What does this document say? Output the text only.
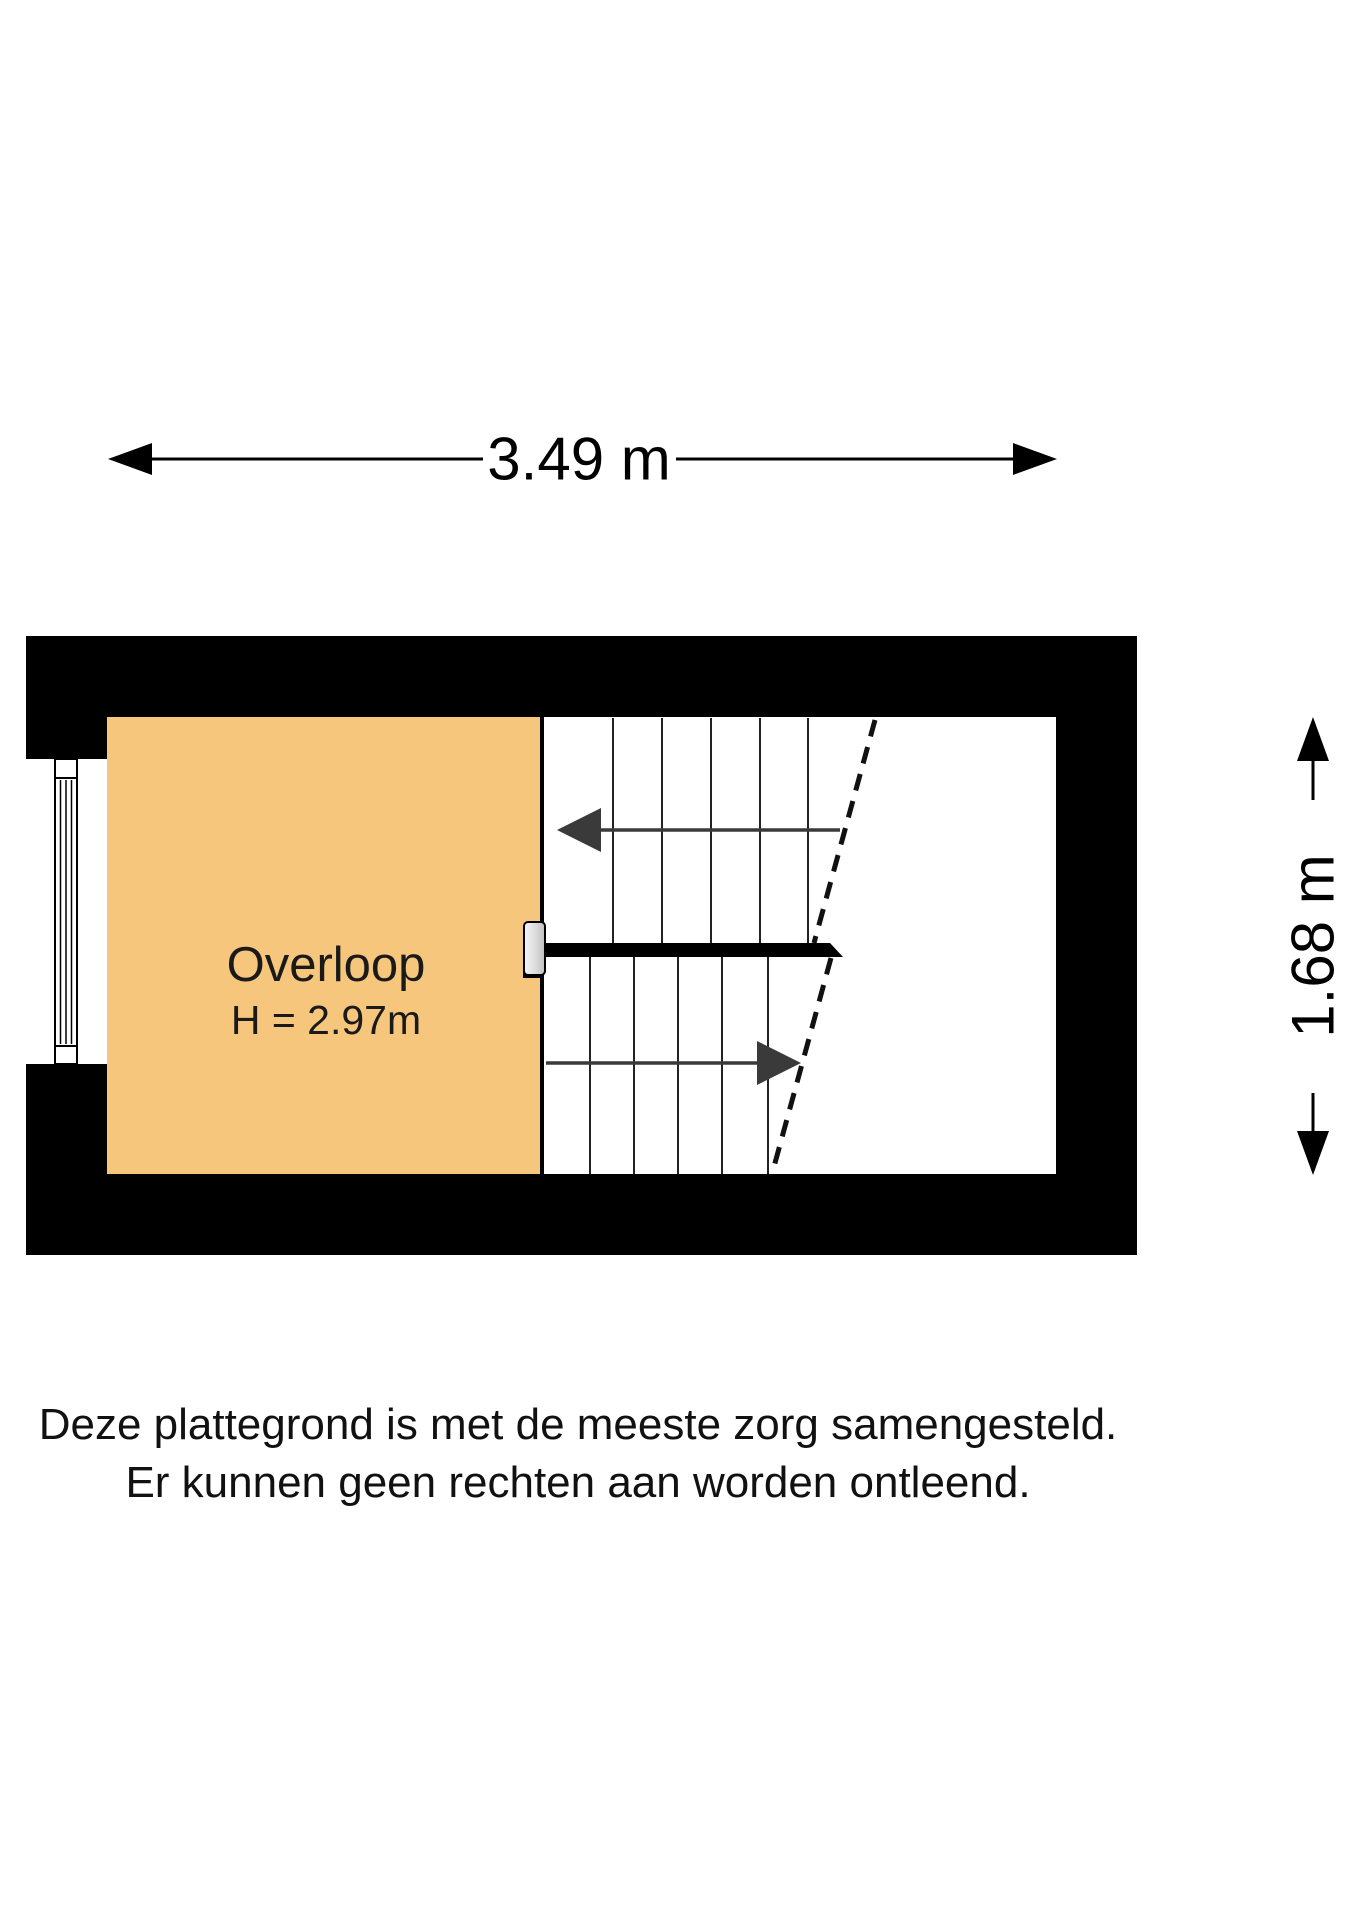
3.49 m
1.68 m
Overloop
H = 2.97m
Deze plattegrond is met de meeste zorg samengesteld.
Er kunnen geen rechten aan worden ontleend.
